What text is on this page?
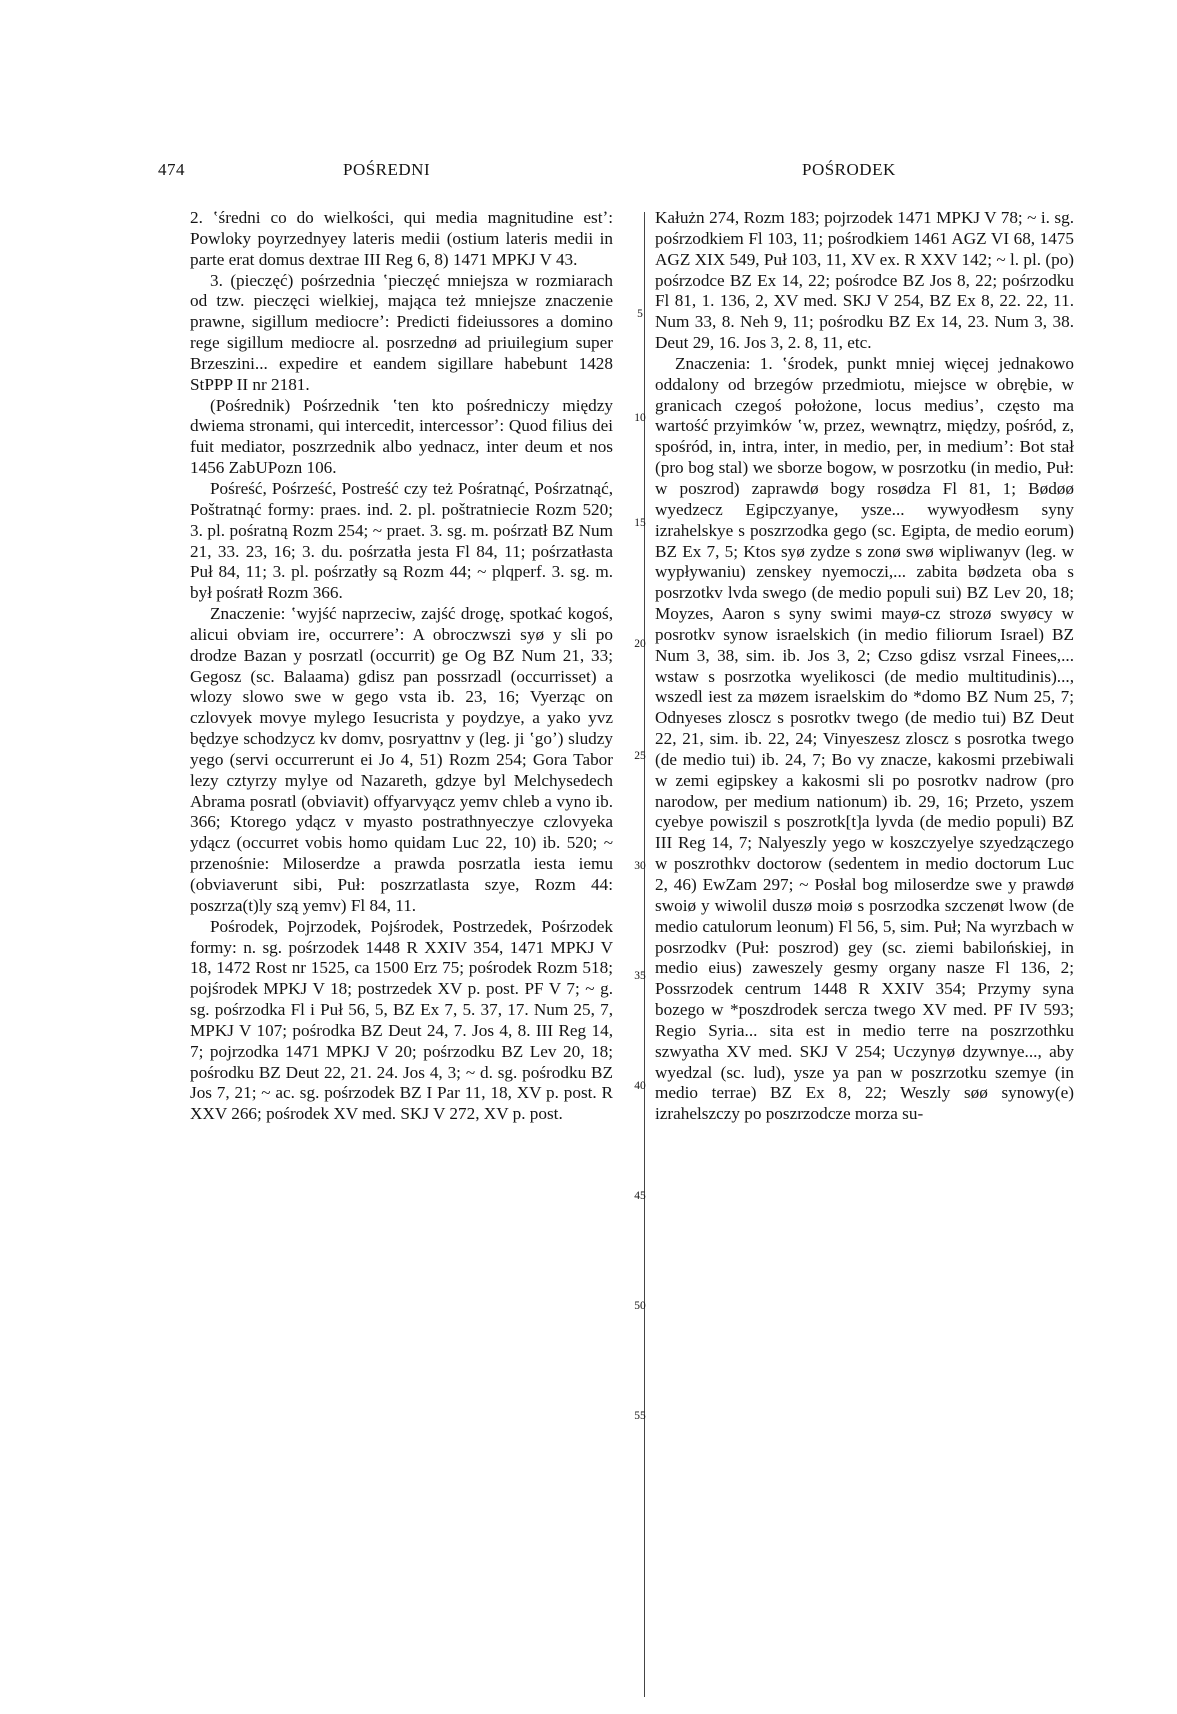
474	POŚREDNI	POŚRODEK

2. ʽśredni co do wielkości, qui media magnitudine estʼ: Powloky poyrzednyey lateris medii (ostium lateris medii in parte erat domus dextrae III Reg 6, 8) 1471 MPKJ V 43.

3. (pieczęć) pośrzednia ʽpieczęć mniejsza w rozmiarach od tzw. pieczęci wielkiej, mająca też mniejsze znaczenie prawne, sigillum mediocreʼ: Predicti fideiussores a domino rege sigillum mediocre al. posrzednø ad priuilegium super Brzeszini... expedire et eandem sigillare habebunt 1428 StPPP II nr 2181.

(Pośrednik) Pośrzednik ʽten kto pośredniczy między dwiema stronami, qui intercedit, intercessorʼ: Quod filius dei fuit mediator, poszrzednik albo yednacz, inter deum et nos 1456 ZabUPozn 106.

Pośreść, Pośrześć, Postreść czy też Pośratnąć, Pośrzatnąć, Poštratnąć formy: praes. ind. 2. pl. poštratniecie Rozm 520; 3. pl. pośratną Rozm 254; ~ praet. 3. sg. m. pośrzatł BZ Num 21, 33. 23, 16; 3. du. pośrzatła jesta Fl 84, 11; pośrzatłasta Puł 84, 11; 3. pl. pośrzatły są Rozm 44; ~ plqperf. 3. sg. m. był pośratł Rozm 366.

Znaczenie: ʽwyjść naprzeciw, zajść drogę, spotkać kogoś, alicui obviam ire, occurrereʼ: A obroczwszi syø y sli po drodze Bazan y posrzatl (occurrit) ge Og BZ Num 21, 33; Gegosz (sc. Balaama) gdisz pan possrzadl (occurrisset) a wlozy slowo swe w gego vsta ib. 23, 16; Vyerząc on czlovyek movye mylego Iesucrista y poydzye, a yako yvz będzye schodzycz kv domv, posryattnv y (leg. ji ʽgoʼ) sludzy yego (servi occurrerunt ei Jo 4, 51) Rozm 254; Gora Tabor lezy cztyrzy mylye od Nazareth, gdzye byl Melchysedech Abrama posratl (obviavit) offyarvyącz yemv chleb a vyno ib. 366; Ktorego ydącz v myasto postrathnyeczye czlovyeka ydącz (occurret vobis homo quidam Luc 22, 10) ib. 520; ~ przenośnie: Miloserdze a prawda posrzatla iesta iemu (obviaverunt sibi, Puł: poszrzatlasta szye, Rozm 44: poszrza(t)ly szą yemv) Fl 84, 11.

Pośrodek, Pojrzodek, Pojśrodek, Postrzedek, Pośrzodek formy: n. sg. pośrzodek 1448 R XXIV 354, 1471 MPKJ V 18, 1472 Rost nr 1525, ca 1500 Erz 75; pośrodek Rozm 518; pojśrodek MPKJ V 18; postrzedek XV p. post. PF V 7; ~ g. sg. pośrzodka Fl i Puł 56, 5, BZ Ex 7, 5. 37, 17. Num 25, 7, MPKJ V 107; pośrodka BZ Deut 24, 7. Jos 4, 8. III Reg 14, 7; pojrzodka 1471 MPKJ V 20; pośrzodku BZ Lev 20, 18; pośrodku BZ Deut 22, 21. 24. Jos 4, 3; ~ d. sg. pośrodku BZ Jos 7, 21; ~ ac. sg. pośrzodek BZ I Par 11, 18, XV p. post. R XXV 266; pośrodek XV med. SKJ V 272, XV p. post.

5
10
15
20
25
30
35
40
45
50
55

Kałużn 274, Rozm 183; pojrzodek 1471 MPKJ V 78; ~ i. sg. pośrzodkiem Fl 103, 11; pośrodkiem 1461 AGZ VI 68, 1475 AGZ XIX 549, Puł 103, 11, XV ex. R XXV 142; ~ l. pl. (po) pośrzodce BZ Ex 14, 22; pośrodce BZ Jos 8, 22; pośrzodku Fl 81, 1. 136, 2, XV med. SKJ V 254, BZ Ex 8, 22. 22, 11. Num 33, 8. Neh 9, 11; pośrodku BZ Ex 14, 23. Num 3, 38. Deut 29, 16. Jos 3, 2. 8, 11, etc.

Znaczenia: 1. ʽśrodek, punkt mniej więcej jednakowo oddalony od brzegów przedmiotu, miejsce w obrębie, w granicach czegoś położone, locus mediusʼ, często ma wartość przyimków ʽw, przez, wewnątrz, między, pośród, z, spośród, in, intra, inter, in medio, per, in mediumʼ: Bot stał (pro bog stal) we sborze bogow, w posrzotku (in medio, Puł: w poszrod) zaprawdø bogy rosødza Fl 81, 1; Bødøø wyedzecz Egipczyanye, ysze... wywyodłesm syny izrahelskye s poszrzodka gego (sc. Egipta, de medio eorum) BZ Ex 7, 5; Ktos syø zydze s zonø swø wiplіwanyv (leg. w wypływaniu) zenskey nyemoczi,... zabita bødzeta oba s posrzotkv lvda swego (de medio populi sui) BZ Lev 20, 18; Moyzes, Aaron s syny swimi mayø-cz strozø swyøcy w posrotkv synow israelskich (in medio filiorum Israel) BZ Num 3, 38, sim. ib. Jos 3, 2; Czso gdisz vsrzal Finees,... wstaw s posrzotka wyelikosci (de medio multitudinis)..., wszedl iest za møzem israelskim do *domo BZ Num 25, 7; Odnyeses zlosсz s posrotkv twego (de medio tui) BZ Deut 22, 21, sim. ib. 22, 24; Vinyeszesz zlosсz s posrotka twego (de medio tui) ib. 24, 7; Bo vy znacze, kakosmi przebiwali w zemi egipskey a kakosmi sli po posrotkv nadrow (pro narodow, per medium nationum) ib. 29, 16; Przeto, yszem cyebye powiszil s poszrotk[t]a lyvda (de medio populi) BZ III Reg 14, 7; Nalyeszly yego w koszczyelye szyedzączego w poszrothkv doctorow (sedentem in medio doctorum Luc 2, 46) EwZam 297; ~ Posłal bog miloserdze swe y prawdø swoiø y wiwolil duszø moiø s posrzodka szczenøt lwow (de medio catulorum leonum) Fl 56, 5, sim. Puł; Na wyrzbach w posrzodkv (Puł: poszrod) gey (sc. ziemi babilońskiej, in medio eius) zaweszely gesmy organy nasze Fl 136, 2; Possrzodek centrum 1448 R XXIV 354; Przymy syna bozego w *poszdrodek sercza twego XV med. PF IV 593; Regio Syria... sita est in medio terre na poszrzothku szwyatha XV med. SKJ V 254; Uczynyø dzywnye..., aby wyedzal (sc. lud), ysze ya pan w poszrzotku szemye (in medio terrae) BZ Ex 8, 22; Weszly søø synowy(e) izrahelszczy po poszrzodcze morza su-
